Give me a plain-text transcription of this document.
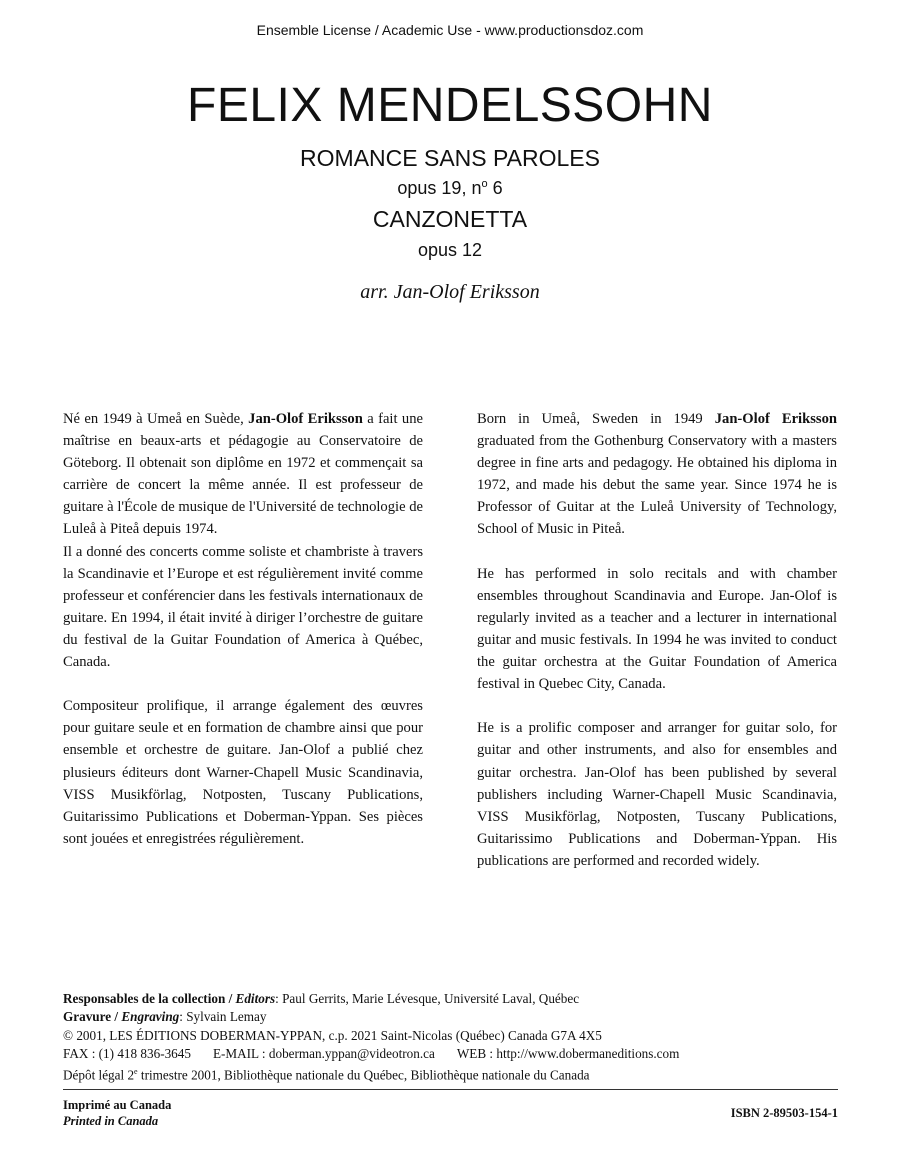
Ensemble License / Academic Use - www.productionsdoz.com
FELIX MENDELSSOHN
ROMANCE SANS PAROLES
opus 19, $n^o$ 6
CANZONETTA
opus 12
arr. Jan-Olof Eriksson

Né en 1949 à Umeå en Suède, Jan-Olof Eriksson a fait une maîtrise en beaux-arts et pédagogie au Conservatoire de Göteborg. Il obtenait son diplôme en 1972 et commençait sa carrière de concert la même année. Il est professeur de guitare à l'École de musique de l'Université de technologie de Luleå à Piteå depuis 1974.

Il a donné des concerts comme soliste et chambriste à travers la Scandinavie et l’Europe et est régulièrement invité comme professeur et conférencier dans les festivals internationaux de guitare. En 1994, il était invité à diriger l’orchestre de guitare du festival de la Guitar Foundation of America à Québec, Canada.

Compositeur prolifique, il arrange également des œuvres pour guitare seule et en formation de chambre ainsi que pour ensemble et orchestre de guitare. Jan-Olof a publié chez plusieurs éditeurs dont Warner-Chapell Music Scandinavia, VISS Musikförlag, Notposten, Tuscany Publications, Guitarissimo Publications et Doberman-Yppan. Ses pièces sont jouées et enregistrées régulièrement.

Born in Umeå, Sweden in 1949 Jan-Olof Eriksson graduated from the Gothenburg Conservatory with a masters degree in fine arts and pedagogy. He obtained his diploma in 1972, and made his debut the same year. Since 1974 he is Professor of Guitar at the Luleå University of Technology, School of Music in Piteå.

He has performed in solo recitals and with chamber ensembles throughout Scandinavia and Europe. Jan-Olof is regularly invited as a teacher and a lecturer in international guitar and music festivals. In 1994 he was invited to conduct the guitar orchestra at the Guitar Foundation of America festival in Quebec City, Canada.

He is a prolific composer and arranger for guitar solo, for guitar and other instruments, and also for ensembles and guitar orchestra. Jan-Olof has been published by several publishers including Warner-Chapell Music Scandinavia, VISS Musikförlag, Notposten, Tuscany Publications, Guitarissimo Publications and Doberman-Yppan. His publications are performed and recorded widely.

Responsables de la collection / Editors: Paul Gerrits, Marie Lévesque, Université Laval, Québec
Gravure / Engraving: Sylvain Lemay
© 2001, LES ÉDITIONS DOBERMAN-YPPAN, c.p. 2021 Saint-Nicolas (Québec) Canada G7A 4X5
FAX : (1) 418 836-3645 E-MAIL : doberman.yppan@videotron.ca WEB : http://www.dobermaneditions.com
Dépôt légal 2e trimestre 2001, Bibliothèque nationale du Québec, Bibliothèque nationale du Canada
Imprimé au Canada
Printed in Canada
ISBN 2-89503-154-1
